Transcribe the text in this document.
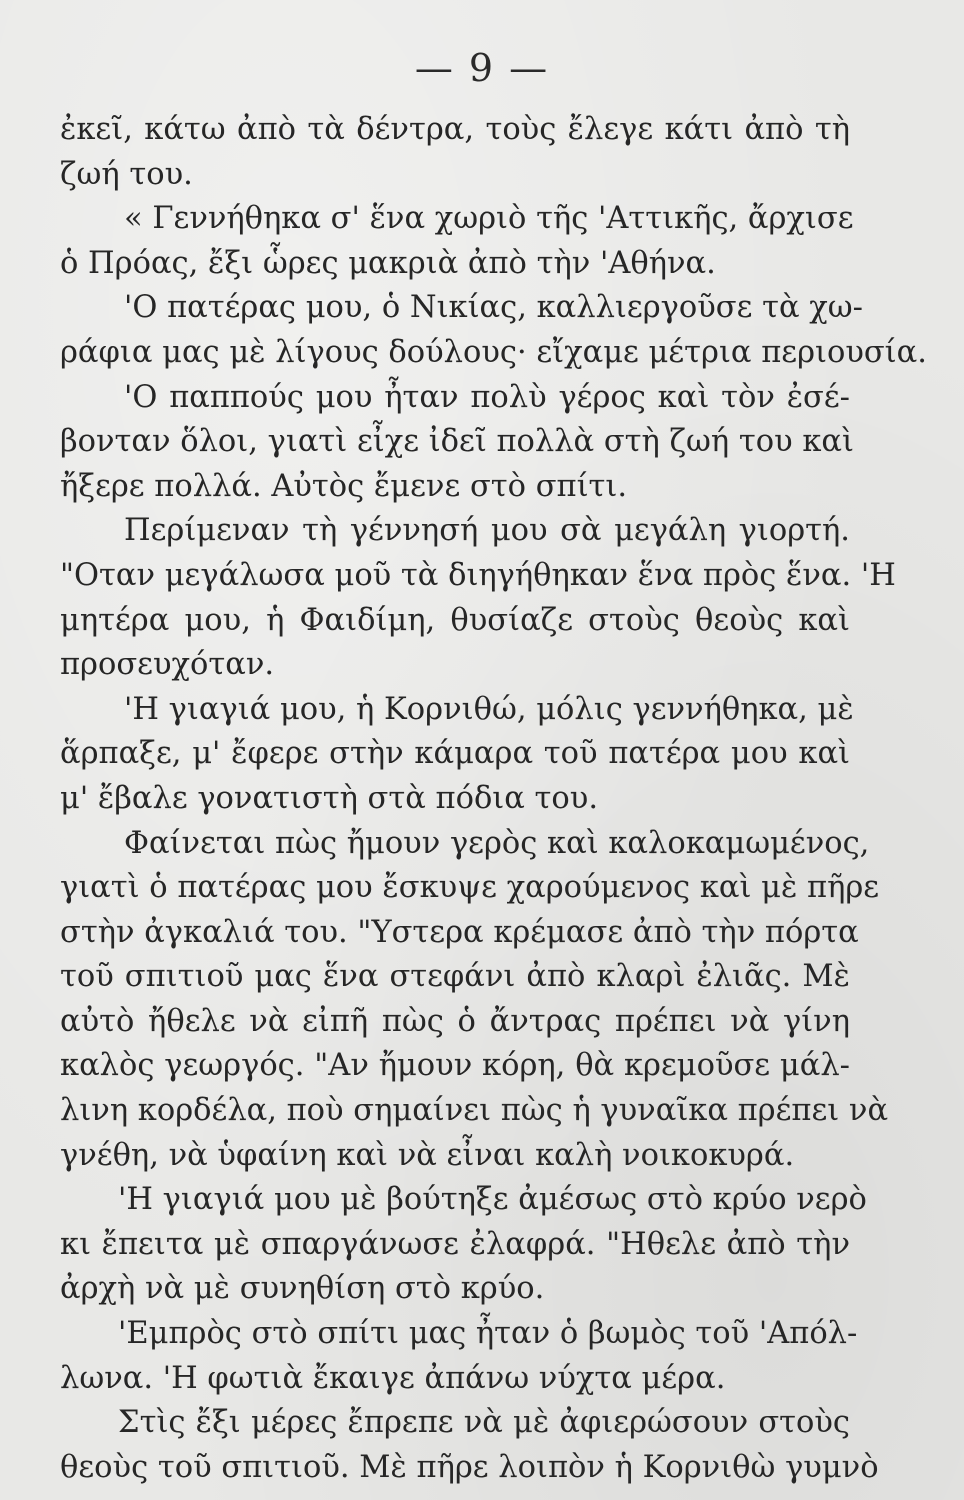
— 9 —
ἐκεῖ, κάτω ἀπὸ τὰ δέντρα, τοὺς ἔλεγε κάτι ἀπὸ τὴ
ζωή του.
« Γεννήθηκα σ' ἕνα χωριὸ τῆς 'Αττικῆς, ἄρχισε
ὁ Πρόας, ἔξι ὧρες μακριὰ ἀπὸ τὴν 'Αθήνα.
'Ο πατέρας μου, ὁ Νικίας, καλλιεργοῦσε τὰ χω-
ράφια μας μὲ λίγους δούλους· εἴχαμε μέτρια περιουσία.
'Ο παππούς μου ἦταν πολὺ γέρος καὶ τὸν ἐσέ-
βονταν ὅλοι, γιατὶ εἶχε ἰδεῖ πολλὰ στὴ ζωή του καὶ
ἤξερε πολλά. Αὐτὸς ἔμενε στὸ σπίτι.
Περίμεναν τὴ γέννησή μου σὰ μεγάλη γιορτή.
"Οταν μεγάλωσα μοῦ τὰ διηγήθηκαν ἕνα πρὸς ἕνα. 'Η
μητέρα μου, ἡ Φαιδίμη, θυσίαζε στοὺς θεοὺς καὶ
προσευχόταν.
'Η γιαγιά μου, ἡ Κορνιθώ, μόλις γεννήθηκα, μὲ
ἅρπαξε, μ' ἔφερε στὴν κάμαρα τοῦ πατέρα μου καὶ
μ' ἔβαλε γονατιστὴ στὰ πόδια του.
Φαίνεται πὼς ἤμουν γερὸς καὶ καλοκαμωμένος,
γιατὶ ὁ πατέρας μου ἔσκυψε χαρούμενος καὶ μὲ πῆρε
στὴν ἀγκαλιά του. "Υστερα κρέμασε ἀπὸ τὴν πόρτα
τοῦ σπιτιοῦ μας ἕνα στεφάνι ἀπὸ κλαρὶ ἐλιᾶς. Μὲ
αὐτὸ ἤθελε νὰ εἰπῆ πὼς ὁ ἄντρας πρέπει νὰ γίνη
καλὸς γεωργός. "Αν ἤμουν κόρη, θὰ κρεμοῦσε μάλ-
λινη κορδέλα, ποὺ σημαίνει πὼς ἡ γυναῖκα πρέπει νὰ
γνέθη, νὰ ὑφαίνη καὶ νὰ εἶναι καλὴ νοικοκυρά.
'Η γιαγιά μου μὲ βούτηξε ἀμέσως στὸ κρύο νερὸ
κι ἔπειτα μὲ σπαργάνωσε ἐλαφρά. "Ηθελε ἀπὸ τὴν
ἀρχὴ νὰ μὲ συνηθίση στὸ κρύο.
'Εμπρὸς στὸ σπίτι μας ἦταν ὁ βωμὸς τοῦ 'Απόλ-
λωνα. 'Η φωτιὰ ἔκαιγε ἀπάνω νύχτα μέρα.
Στὶς ἔξι μέρες ἔπρεπε νὰ μὲ ἀφιερώσουν στοὺς
θεοὺς τοῦ σπιτιοῦ. Μὲ πῆρε λοιπὸν ἡ Κορνιθὼ γυμνὸ
